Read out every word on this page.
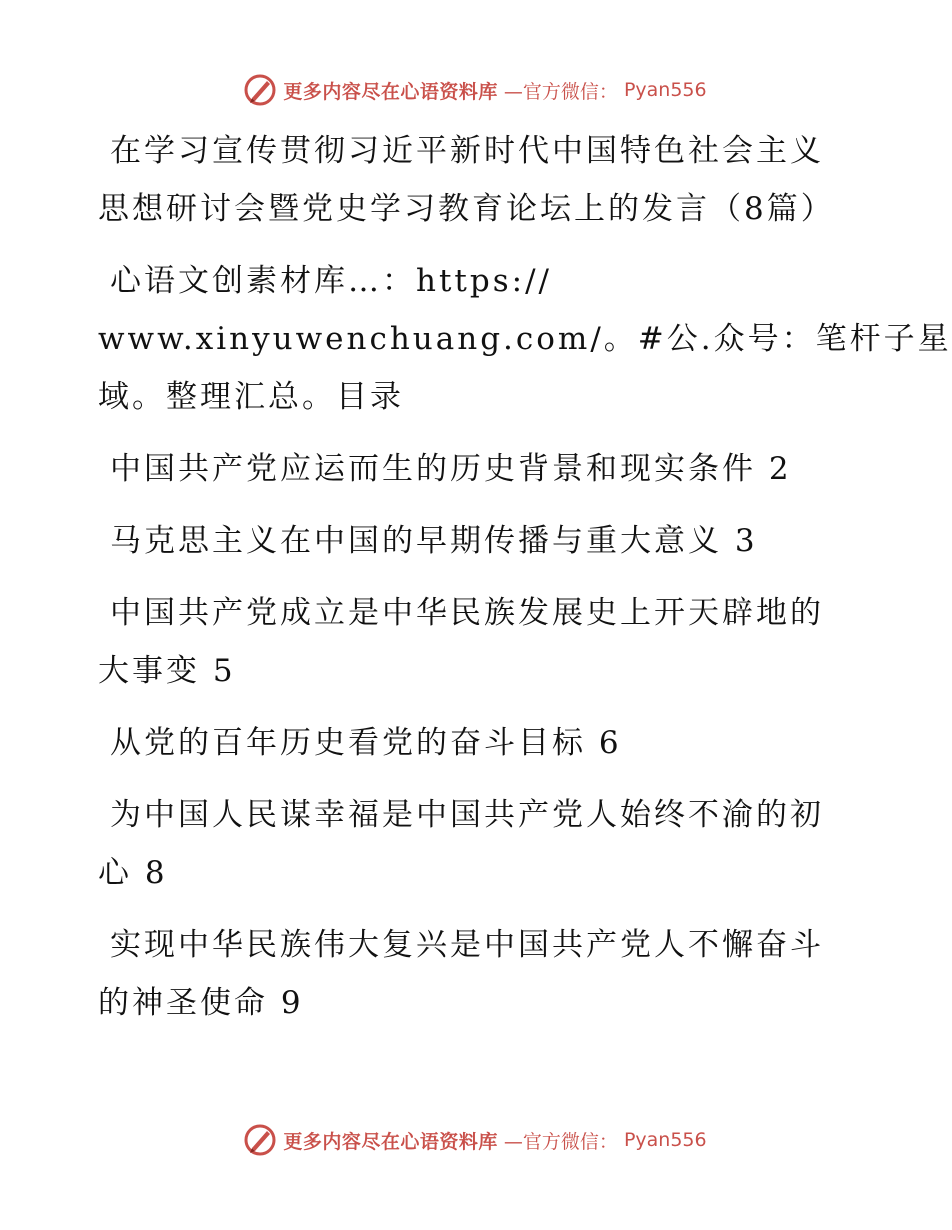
更多内容尽在心语资料库 —官方微信： Pyan556
在学习宣传贯彻习近平新时代中国特色社会主义
思想研讨会暨党史学习教育论坛上的发言（8篇）
心语文创素材库…：https://
www.xinyuwenchuang.com/。#公.众号：笔杆子星
域。整理汇总。目录
中国共产党应运而生的历史背景和现实条件 2
马克思主义在中国的早期传播与重大意义 3
中国共产党成立是中华民族发展史上开天辟地的
大事变 5
从党的百年历史看党的奋斗目标 6
为中国人民谋幸福是中国共产党人始终不渝的初
心 8
实现中华民族伟大复兴是中国共产党人不懈奋斗
的神圣使命 9
更多内容尽在心语资料库 —官方微信： Pyan556
